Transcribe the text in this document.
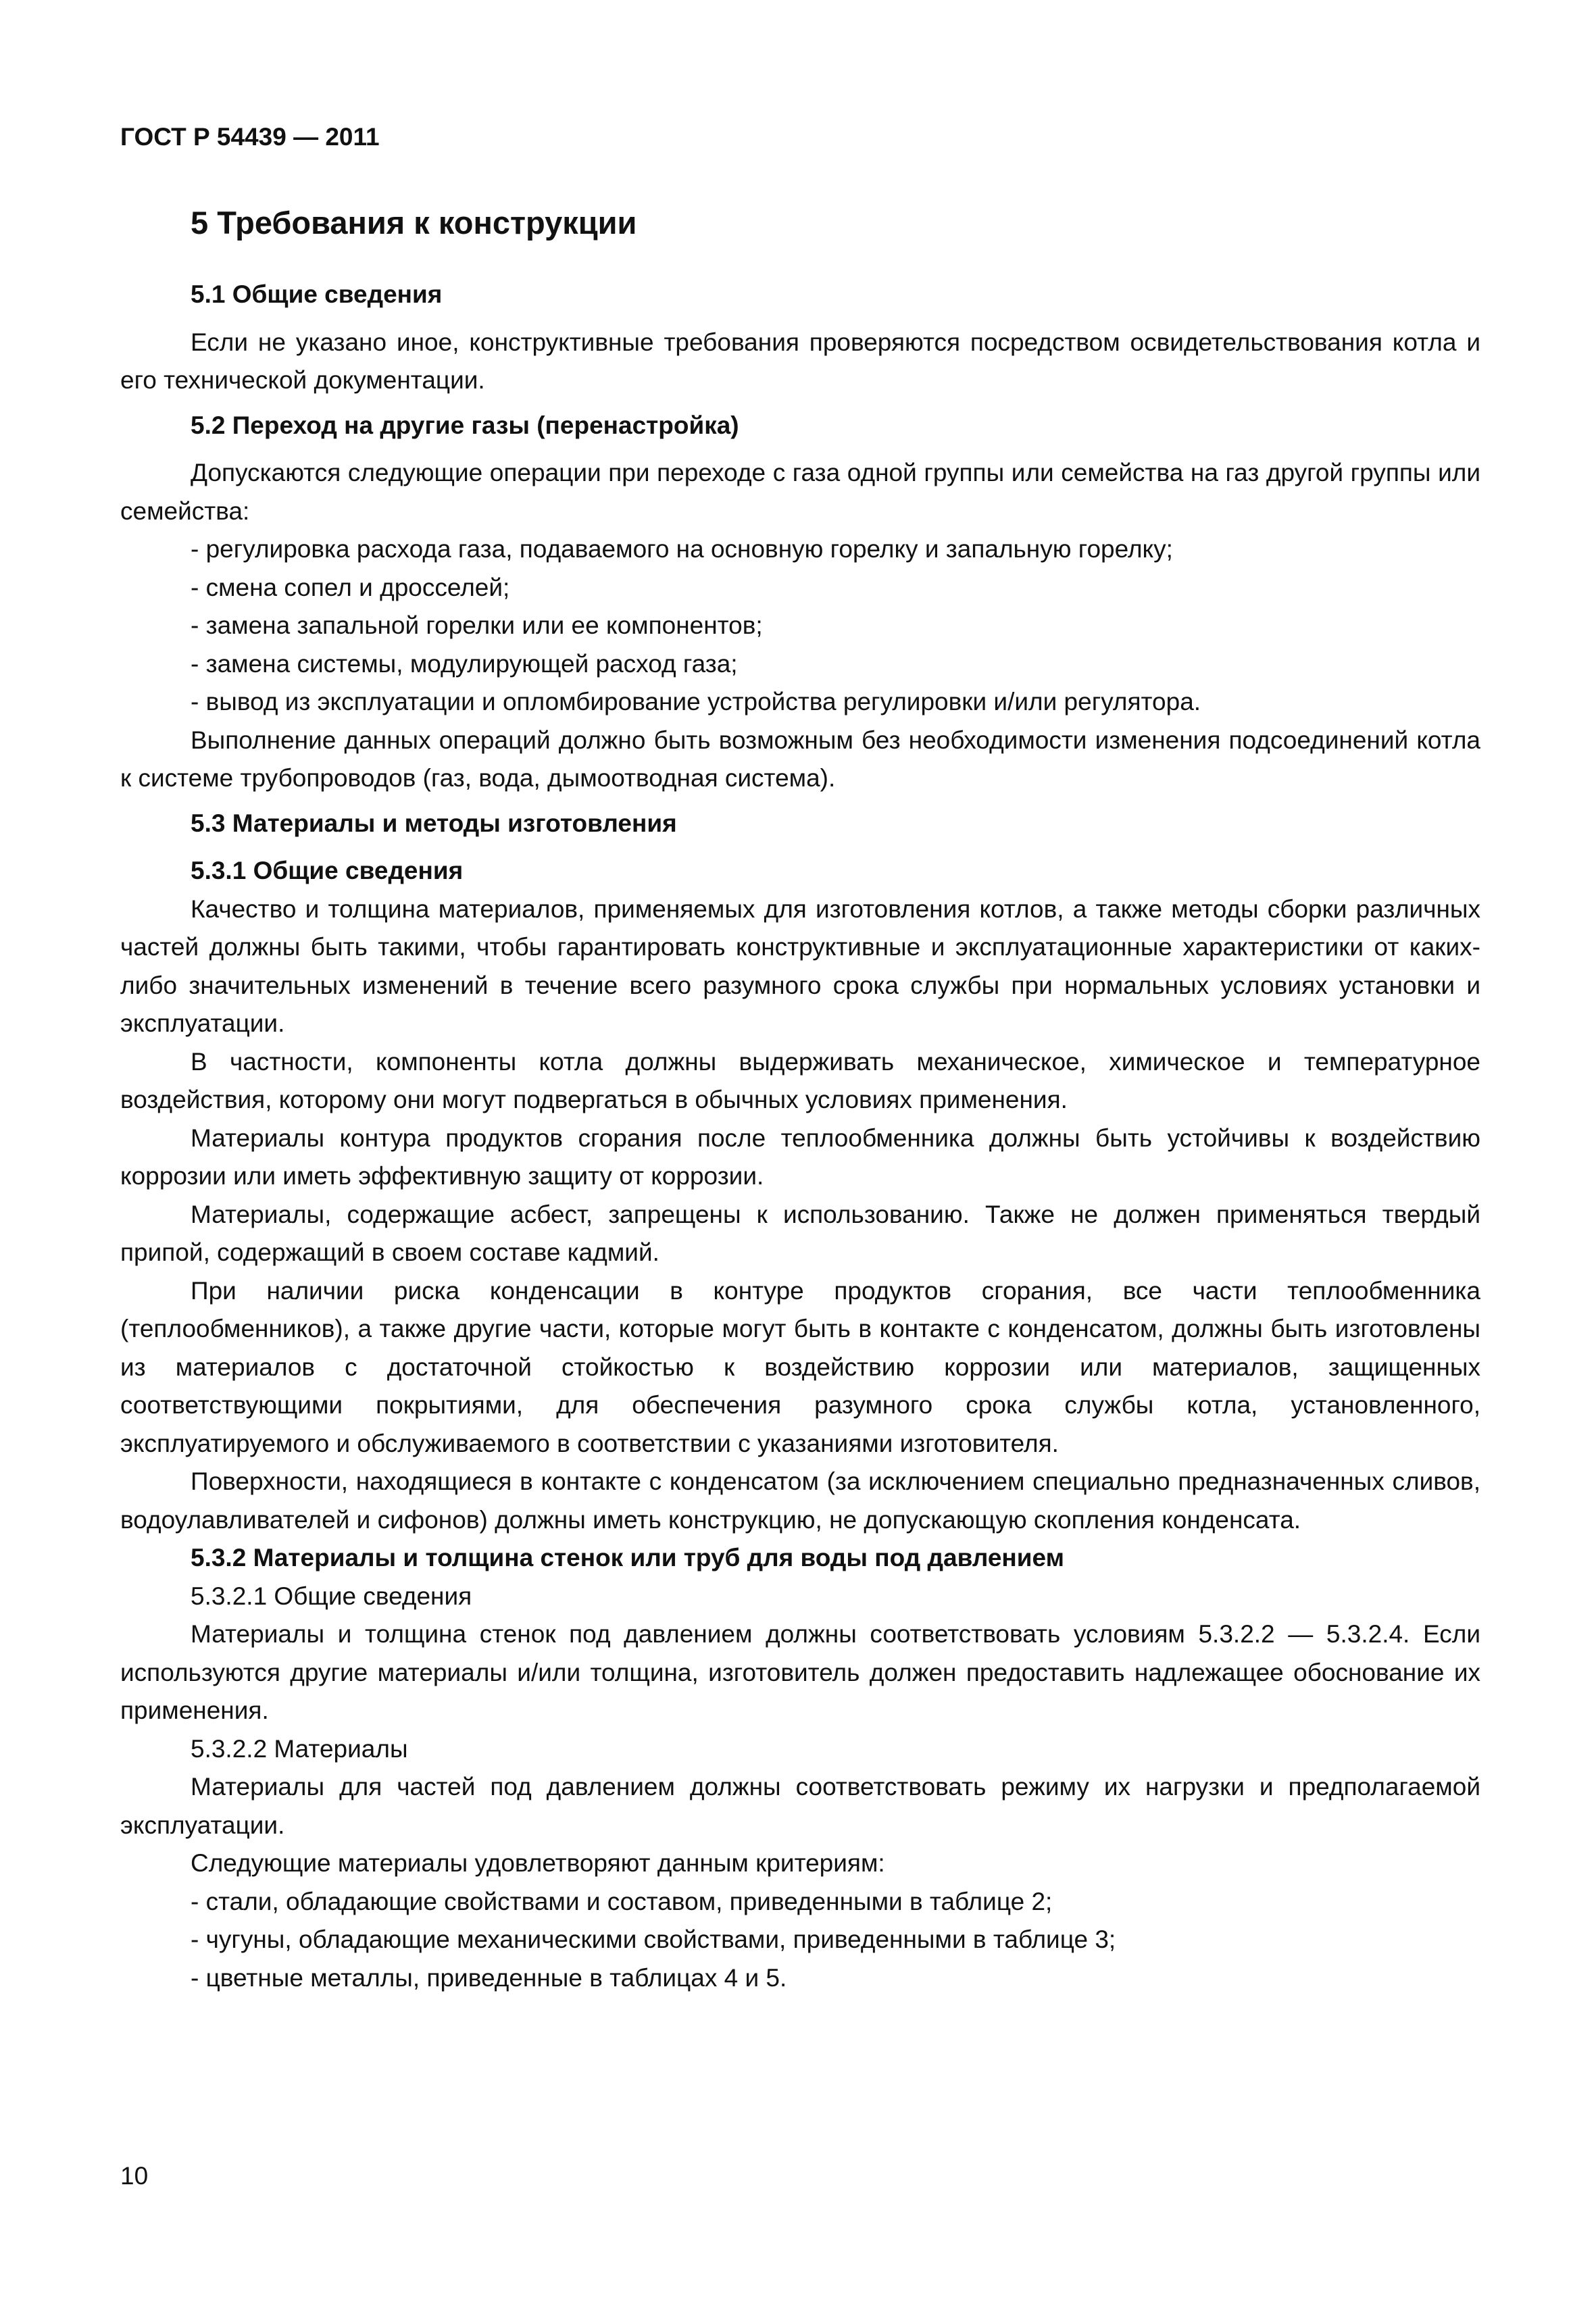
ГОСТ Р 54439 — 2011
5 Требования к конструкции
5.1 Общие сведения

Если не указано иное, конструктивные требования проверяются посредством освидетельствования котла и его технической документации.

5.2 Переход на другие газы (перенастройка)

Допускаются следующие операции при переходе с газа одной группы или семейства на газ другой группы или семейства:

- регулировка расхода газа, подаваемого на основную горелку и запальную горелку;
- смена сопел и дросселей;
- замена запальной горелки или ее компонентов;
- замена системы, модулирующей расход газа;
- вывод из эксплуатации и опломбирование устройства регулировки и/или регулятора.

Выполнение данных операций должно быть возможным без необходимости изменения подсоединений котла к системе трубопроводов (газ, вода, дымоотводная система).

5.3 Материалы и методы изготовления
5.3.1 Общие сведения

Качество и толщина материалов, применяемых для изготовления котлов, а также методы сборки различных частей должны быть такими, чтобы гарантировать конструктивные и эксплуатационные характеристики от каких-либо значительных изменений в течение всего разумного срока службы при нормальных условиях установки и эксплуатации.

В частности, компоненты котла должны выдерживать механическое, химическое и температурное воздействия, которому они могут подвергаться в обычных условиях применения.

Материалы контура продуктов сгорания после теплообменника должны быть устойчивы к воздействию коррозии или иметь эффективную защиту от коррозии.

Материалы, содержащие асбест, запрещены к использованию. Также не должен применяться твердый припой, содержащий в своем составе кадмий.

При наличии риска конденсации в контуре продуктов сгорания, все части теплообменника (теплообменников), а также другие части, которые могут быть в контакте с конденсатом, должны быть изготовлены из материалов с достаточной стойкостью к воздействию коррозии или материалов, защищенных соответствующими покрытиями, для обеспечения разумного срока службы котла, установленного, эксплуатируемого и обслуживаемого в соответствии с указаниями изготовителя.

Поверхности, находящиеся в контакте с конденсатом (за исключением специально предназначенных сливов, водоулавливателей и сифонов) должны иметь конструкцию, не допускающую скопления конденсата.

5.3.2 Материалы и толщина стенок или труб для воды под давлением
5.3.2.1 Общие сведения

Материалы и толщина стенок под давлением должны соответствовать условиям 5.3.2.2 — 5.3.2.4. Если используются другие материалы и/или толщина, изготовитель должен предоставить надлежащее обоснование их применения.

5.3.2.2 Материалы

Материалы для частей под давлением должны соответствовать режиму их нагрузки и предполагаемой эксплуатации.

Следующие материалы удовлетворяют данным критериям:

- стали, обладающие свойствами и составом, приведенными в таблице 2;
- чугуны, обладающие механическими свойствами, приведенными в таблице 3;
- цветные металлы, приведенные в таблицах 4 и 5.
10
